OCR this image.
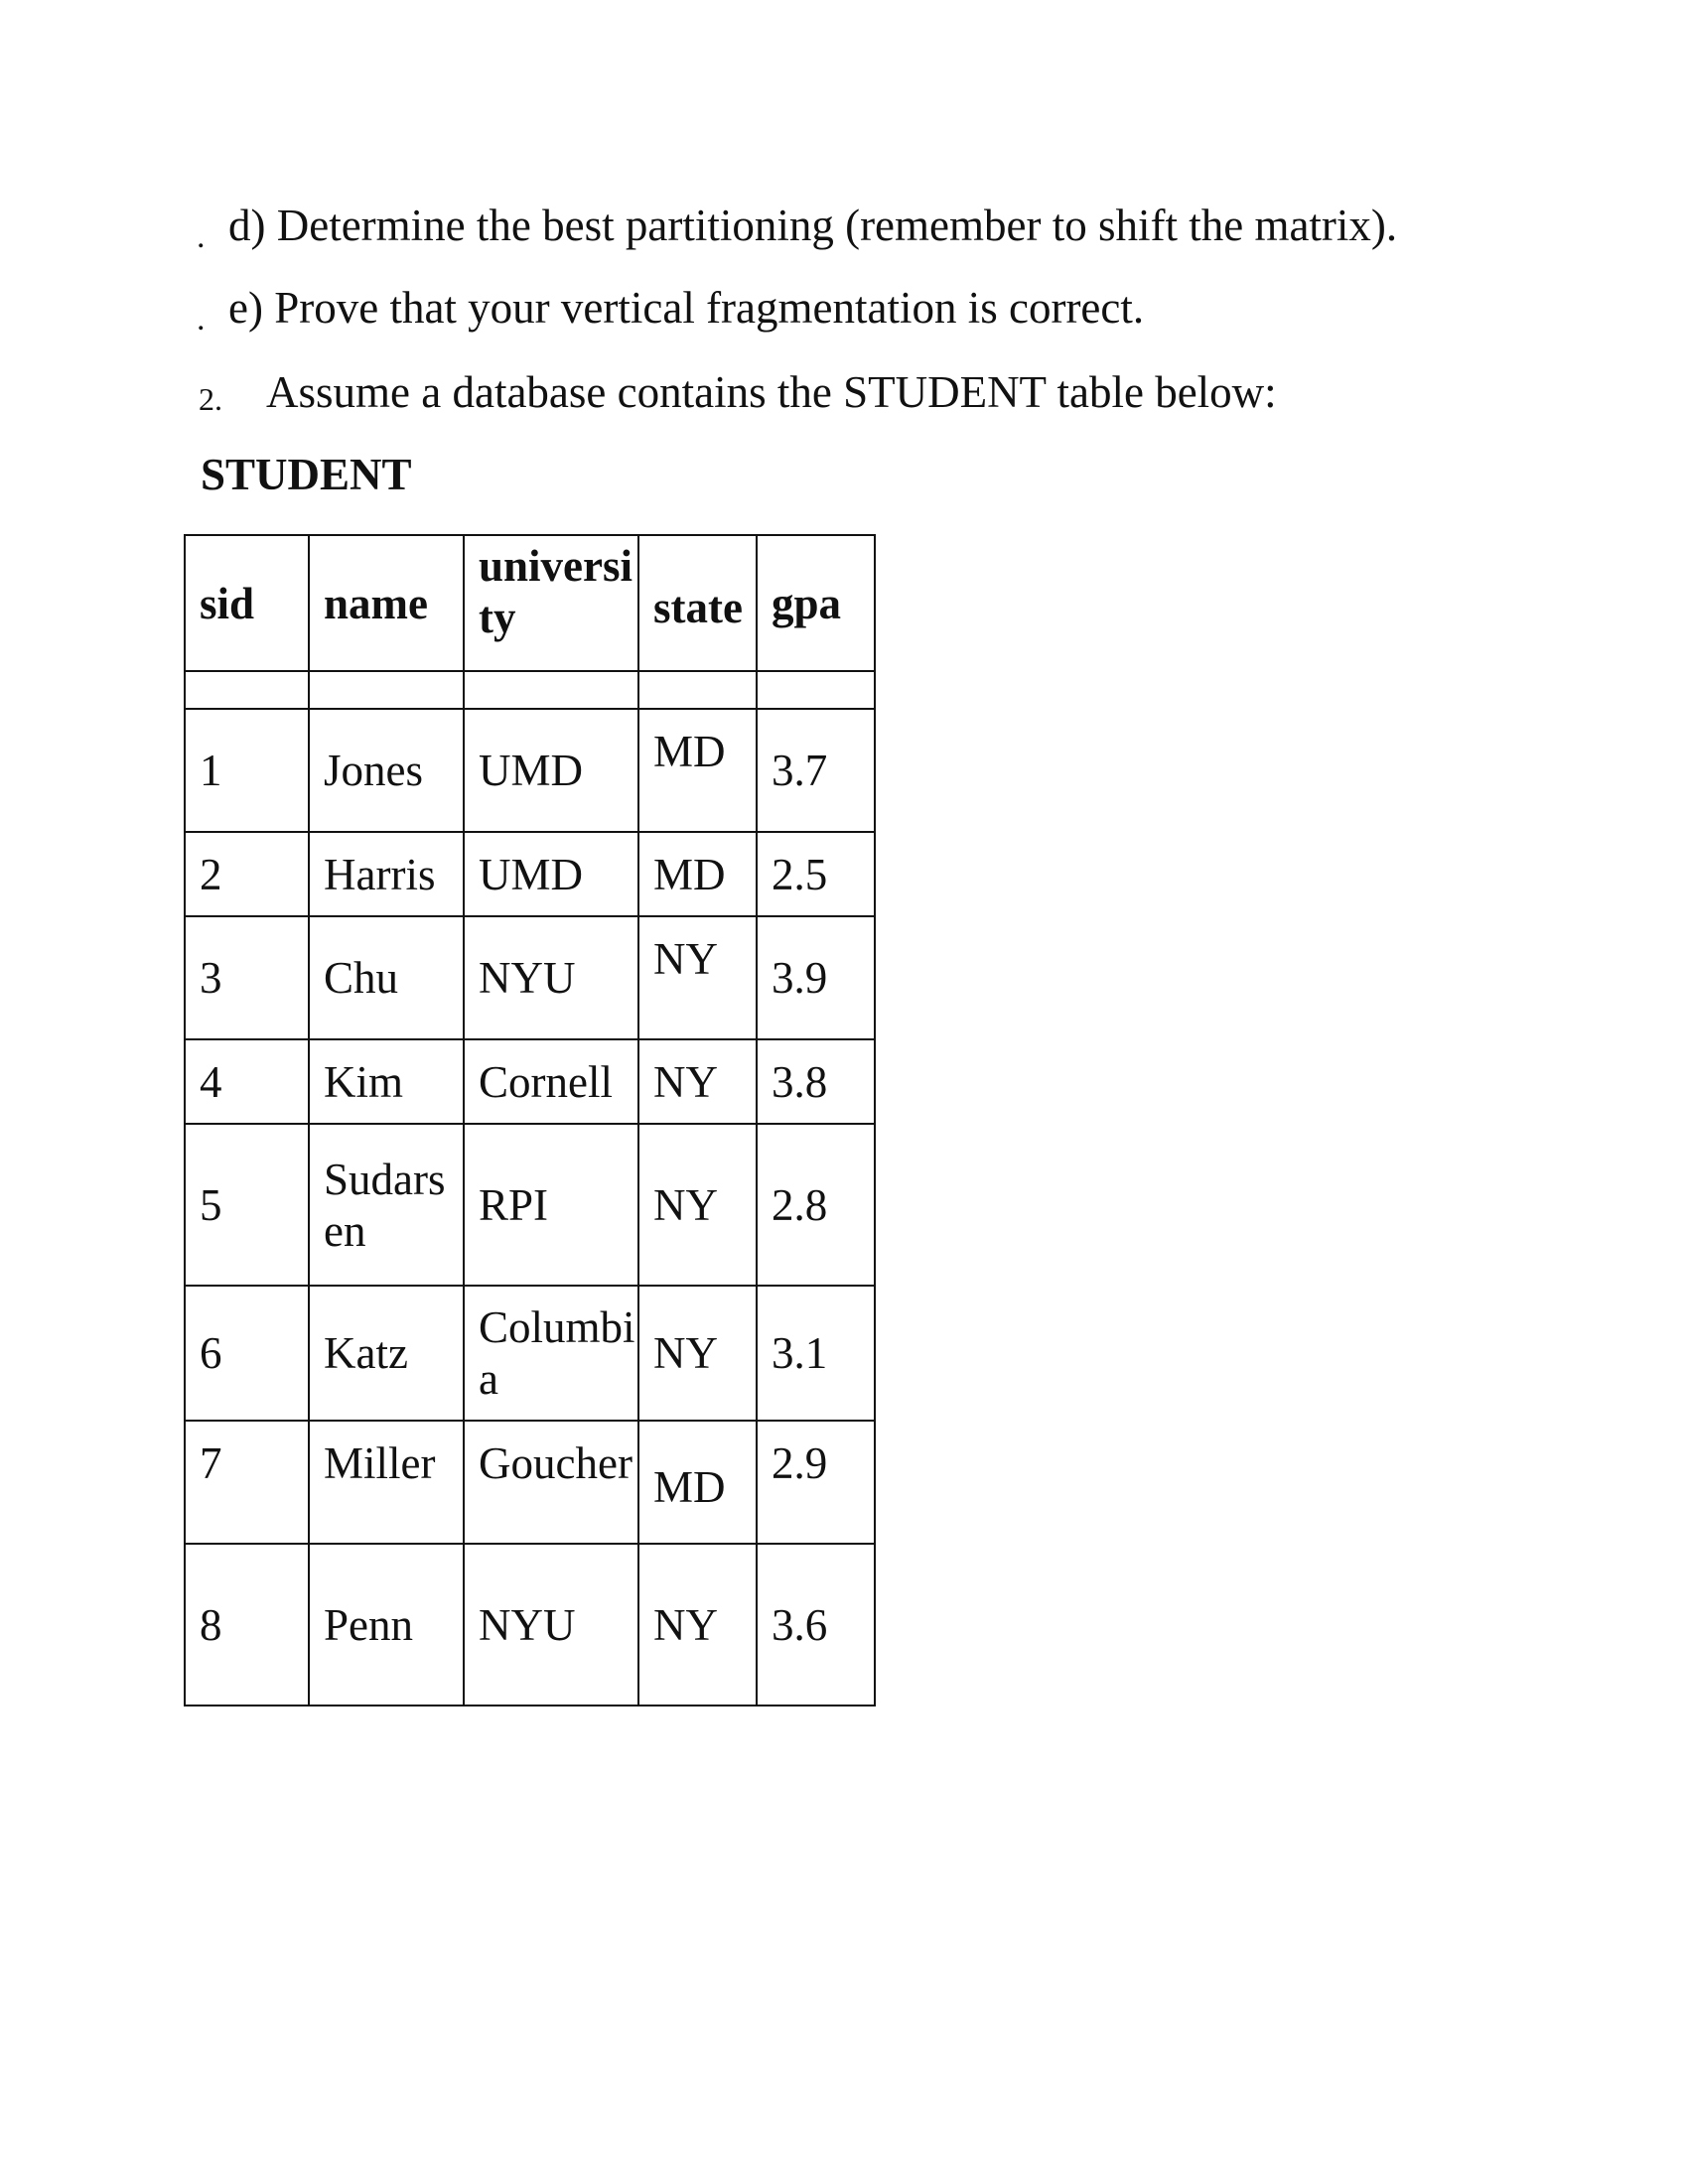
. d) Determine the best partitioning (remember to shift the matrix).
. e) Prove that your vertical fragmentation is correct.
2. Assume a database contains the STUDENT table below:
STUDENT
sid	name	universi ty	state	gpa

1	Jones	UMD	MD	3.7
2	Harris	UMD	MD	2.5
3	Chu	NYU	NY	3.9
4	Kim	Cornell	NY	3.8
5	Sudars en	RPI	NY	2.8
6	Katz	Columbi a	NY	3.1
7	Miller	Goucher	MD	2.9
8	Penn	NYU	NY	3.6
